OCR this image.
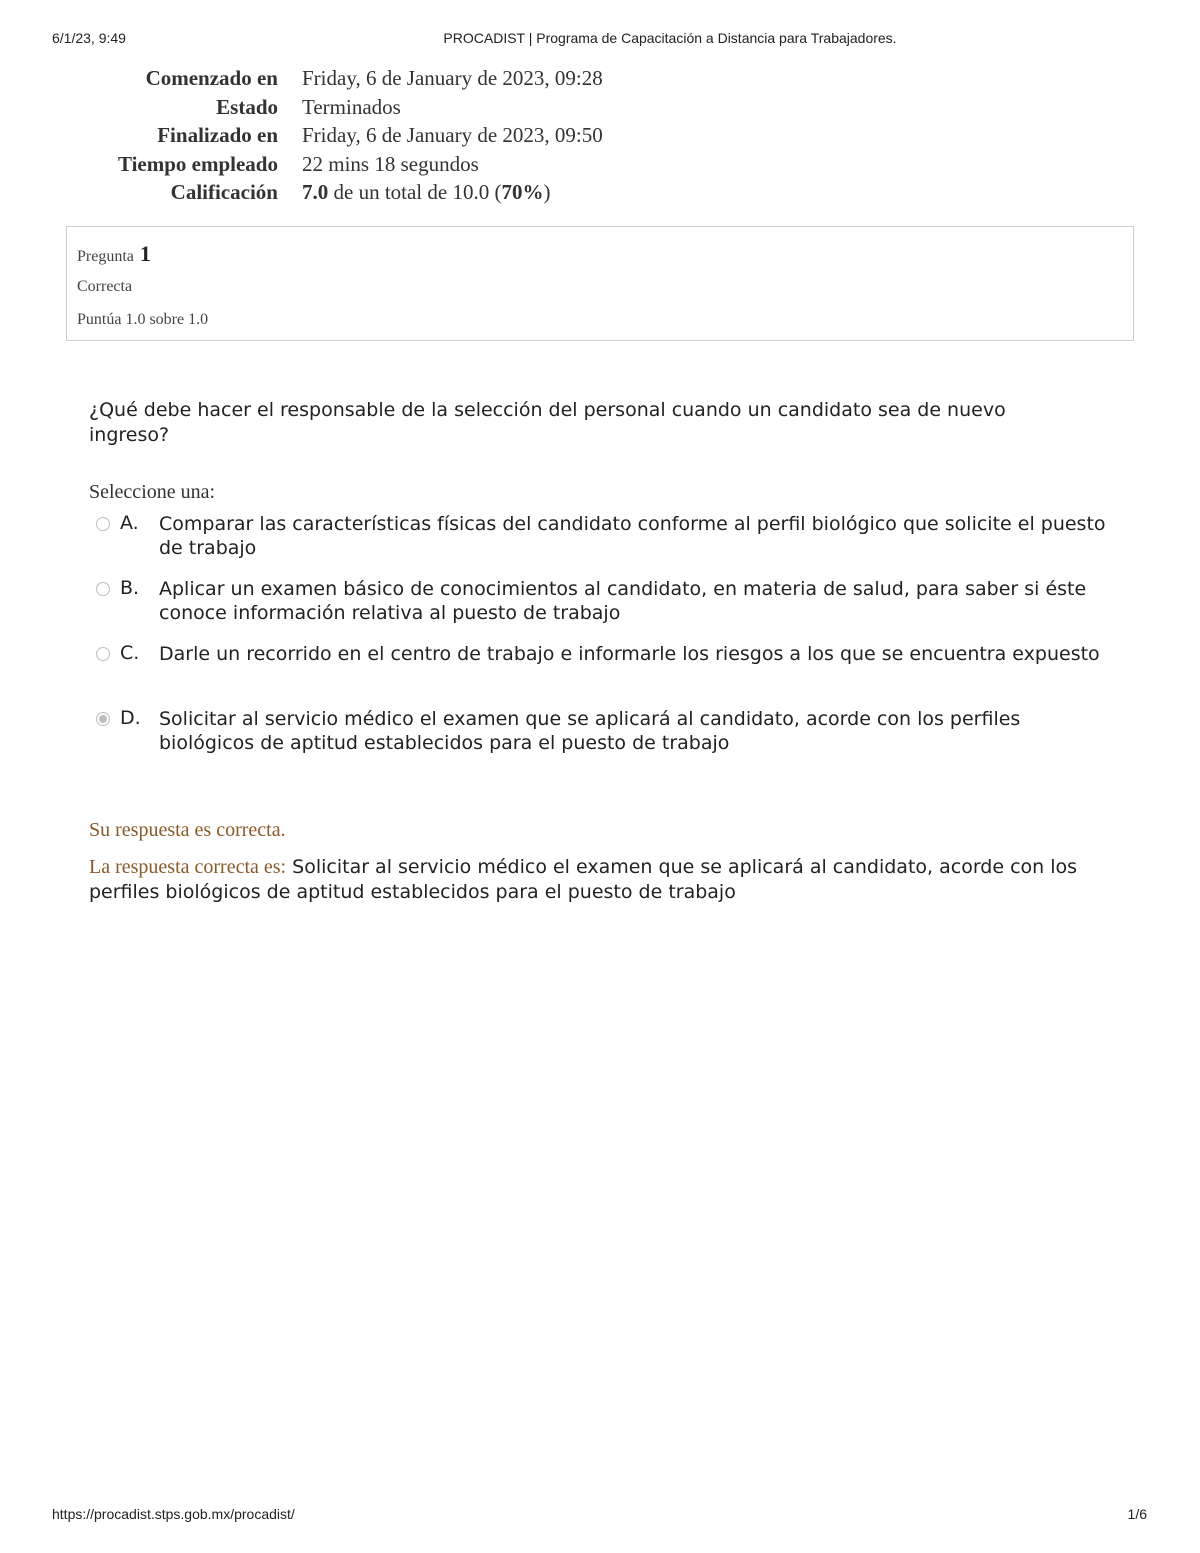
6/1/23, 9:49	PROCADIST | Programa de Capacitación a Distancia para Trabajadores.
Comenzado en Friday, 6 de January de 2023, 09:28
Estado Terminados
Finalizado en Friday, 6 de January de 2023, 09:50
Tiempo empleado 22 mins 18 segundos
Calificación 7.0 de un total de 10.0 (70%)
Pregunta 1
Correcta
Puntúa 1.0 sobre 1.0
¿Qué debe hacer el responsable de la selección del personal cuando un candidato sea de nuevo ingreso?
Seleccione una:
A. Comparar las características físicas del candidato conforme al perfil biológico que solicite el puesto de trabajo
B. Aplicar un examen básico de conocimientos al candidato, en materia de salud, para saber si éste conoce información relativa al puesto de trabajo
C. Darle un recorrido en el centro de trabajo e informarle los riesgos a los que se encuentra expuesto
D. Solicitar al servicio médico el examen que se aplicará al candidato, acorde con los perfiles biológicos de aptitud establecidos para el puesto de trabajo
Su respuesta es correcta.
La respuesta correcta es: Solicitar al servicio médico el examen que se aplicará al candidato, acorde con los perfiles biológicos de aptitud establecidos para el puesto de trabajo
https://procadist.stps.gob.mx/procadist/	1/6
